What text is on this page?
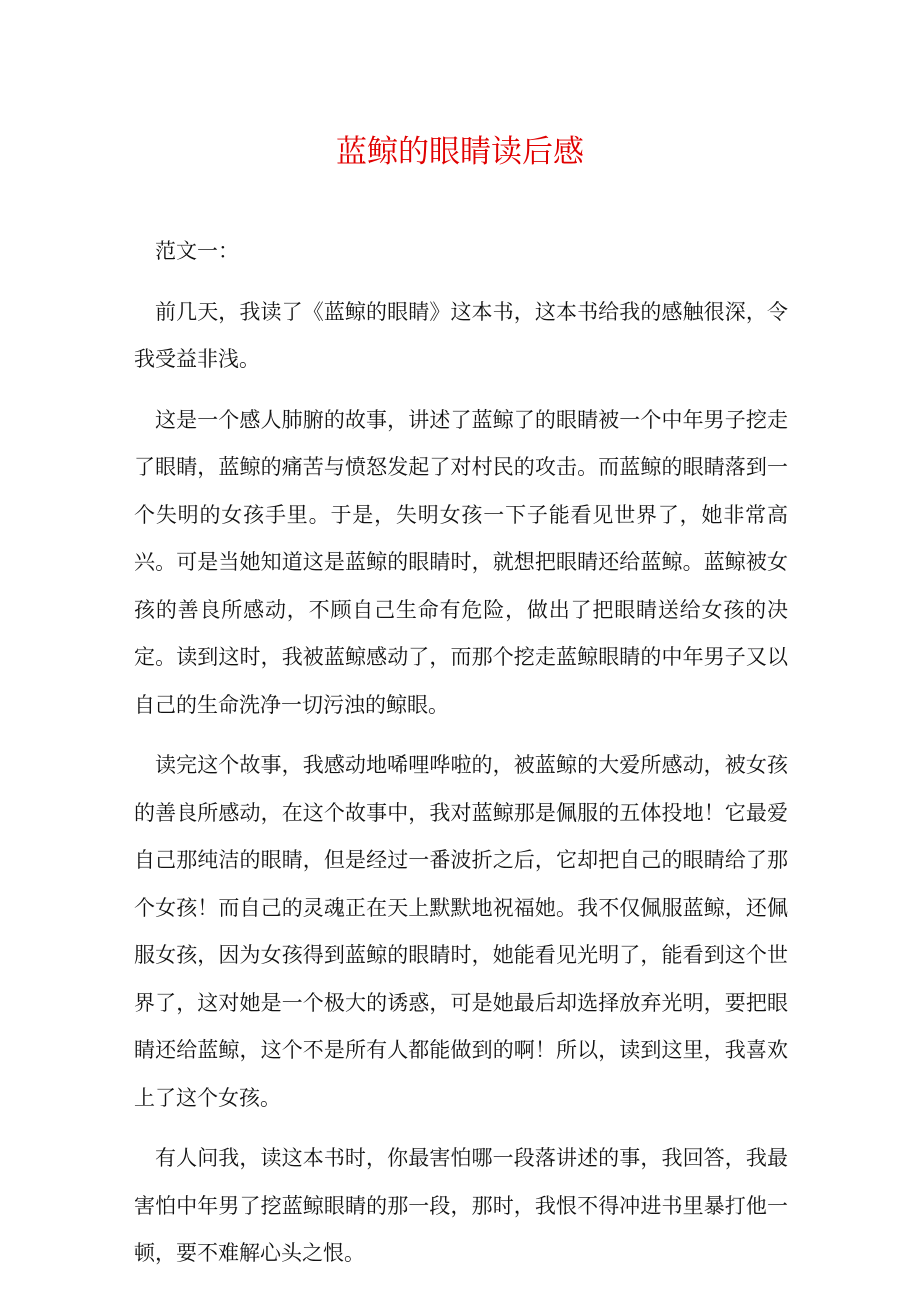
蓝鲸的眼睛读后感

范文一：

前几天，我读了《蓝鲸的眼睛》这本书，这本书给我的感触很深，令我受益非浅。

这是一个感人肺腑的故事，讲述了蓝鲸了的眼睛被一个中年男子挖走了眼睛，蓝鲸的痛苦与愤怒发起了对村民的攻击。而蓝鲸的眼睛落到一个失明的女孩手里。于是，失明女孩一下子能看见世界了，她非常高兴。可是当她知道这是蓝鲸的眼睛时，就想把眼睛还给蓝鲸。蓝鲸被女孩的善良所感动，不顾自己生命有危险，做出了把眼睛送给女孩的决定。读到这时，我被蓝鲸感动了，而那个挖走蓝鲸眼睛的中年男子又以自己的生命洗净一切污浊的鲸眼。

读完这个故事，我感动地唏哩哗啦的，被蓝鲸的大爱所感动，被女孩的善良所感动，在这个故事中，我对蓝鲸那是佩服的五体投地！它最爱自己那纯洁的眼睛，但是经过一番波折之后，它却把自己的眼睛给了那个女孩！而自己的灵魂正在天上默默地祝福她。我不仅佩服蓝鲸，还佩服女孩，因为女孩得到蓝鲸的眼睛时，她能看见光明了，能看到这个世界了，这对她是一个极大的诱惑，可是她最后却选择放弃光明，要把眼睛还给蓝鲸，这个不是所有人都能做到的啊！所以，读到这里，我喜欢上了这个女孩。

有人问我，读这本书时，你最害怕哪一段落讲述的事，我回答，我最害怕中年男了挖蓝鲸眼睛的那一段，那时，我恨不得冲进书里暴打他一顿，要不难解心头之恨。
